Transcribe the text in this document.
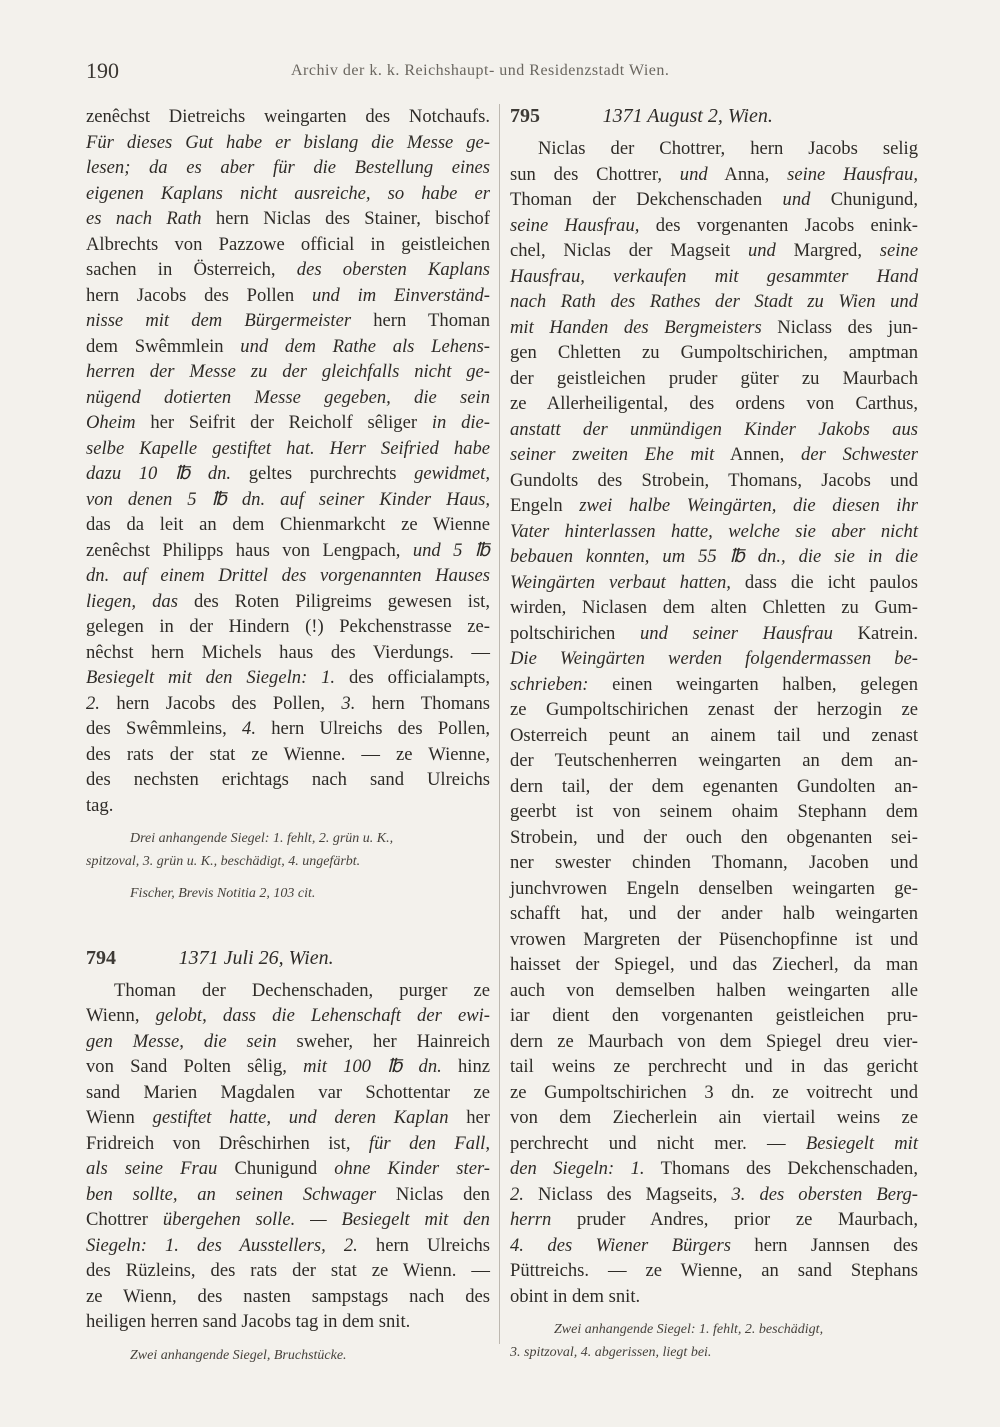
190	Archiv der k. k. Reichshaupt- und Residenzstadt Wien.
zenêchst Dietreichs weingarten des Notchaufs.
Für dieses Gut habe er bislang die Messe ge-
lesen; da es aber für die Bestellung eines
eigenen Kaplans nicht ausreiche, so habe er
es nach Rath hern Niclas des Stainer, bischof
Albrechts von Pazzowe official in geistleichen
sachen in Österreich, des obersten Kaplans
hern Jacobs des Pollen und im Einverständ-
nisse mit dem Bürgermeister hern Thoman
dem Swêmmlein und dem Rathe als Lehens-
herren der Messe zu der gleichfalls nicht ge-
nügend dotierten Messe gegeben, die sein
Oheim her Seifrit der Reicholf sêliger in die-
selbe Kapelle gestiftet hat. Herr Seifried habe
dazu 10 ℔ dn. geltes purchrechts gewidmet,
von denen 5 ℔ dn. auf seiner Kinder Haus,
das da leit an dem Chienmarkcht ze Wienne
zenêchst Philipps haus von Lengpach, und 5 ℔
dn. auf einem Drittel des vorgenannten Hauses
liegen, das des Roten Piligreims gewesen ist,
gelegen in der Hindern (!) Pekchenstrasse ze-
nêchst hern Michels haus des Vierdungs. —
Besiegelt mit den Siegeln: 1. des officialampts,
2. hern Jacobs des Pollen, 3. hern Thomans
des Swêmmleins, 4. hern Ulreichs des Pollen,
des rats der stat ze Wienne. — ze Wienne,
des nechsten erichtags nach sand Ulreichs
tag.
Drei anhangende Siegel: 1. fehlt, 2. grün u. K.,
spitzoval, 3. grün u. K., beschädigt, 4. ungefärbt.
Fischer, Brevis Notitia 2, 103 cit.
794	1371 Juli 26, Wien.
Thoman der Dechenschaden, purger ze
Wienn, gelobt, dass die Lehenschaft der ewi-
gen Messe, die sein sweher, her Hainreich
von Sand Polten sêlig, mit 100 ℔ dn. hinz
sand Marien Magdalen var Schottentar ze
Wienn gestiftet hatte, und deren Kaplan her
Fridreich von Drêschirhen ist, für den Fall,
als seine Frau Chunigund ohne Kinder ster-
ben sollte, an seinen Schwager Niclas den
Chottrer übergehen solle. — Besiegelt mit den
Siegeln: 1. des Ausstellers, 2. hern Ulreichs
des Rüzleins, des rats der stat ze Wienn. —
ze Wienn, des nasten sampstags nach des
heiligen herren sand Jacobs tag in dem snit.
Zwei anhangende Siegel, Bruchstücke.
795	1371 August 2, Wien.
Niclas der Chottrer, hern Jacobs selig
sun des Chottrer, und Anna, seine Hausfrau,
Thoman der Dekchenschaden und Chunigund,
seine Hausfrau, des vorgenanten Jacobs enink-
chel, Niclas der Magseit und Margred, seine
Hausfrau, verkaufen mit gesammter Hand
nach Rath des Rathes der Stadt zu Wien und
mit Handen des Bergmeisters Niclass des jun-
gen Chletten zu Gumpoltschirichen, amptman
der geistleichen pruder güter zu Maurbach
ze Allerheiligental, des ordens von Carthus,
anstatt der unmündigen Kinder Jakobs aus
seiner zweiten Ehe mit Annen, der Schwester
Gundolts des Strobein, Thomans, Jacobs und
Engeln zwei halbe Weingärten, die diesen ihr
Vater hinterlassen hatte, welche sie aber nicht
bebauen konnten, um 55 ℔ dn., die sie in die
Weingärten verbaut hatten, dass die icht paulos
wirden, Niclasen dem alten Chletten zu Gum-
poltschirichen und seiner Hausfrau Katrein.
Die Weingärten werden folgendermassen be-
schrieben: einen weingarten halben, gelegen
ze Gumpoltschirichen zenast der herzogin ze
Osterreich peunt an ainem tail und zenast
der Teutschenherren weingarten an dem an-
dern tail, der dem egenanten Gundolten an-
geerbt ist von seinem ohaim Stephann dem
Strobein, und der ouch den obgenanten sei-
ner swester chinden Thomann, Jacoben und
junchvrowen Engeln denselben weingarten ge-
schafft hat, und der ander halb weingarten
vrowen Margreten der Püsenchopfinne ist und
haisset der Spiegel, und das Ziecherl, da man
auch von demselben halben weingarten alle
iar dient den vorgenanten geistleichen pru-
dern ze Maurbach von dem Spiegel dreu vier-
tail weins ze perchrecht und in das gericht
ze Gumpoltschirichen 3 dn. ze voitrecht und
von dem Ziecherlein ain viertail weins ze
perchrecht und nicht mer. — Besiegelt mit
den Siegeln: 1. Thomans des Dekchenschaden,
2. Niclass des Magseits, 3. des obersten Berg-
herrn pruder Andres, prior ze Maurbach,
4. des Wiener Bürgers hern Jannsen des
Püttreichs. — ze Wienne, an sand Stephans
obint in dem snit.
Zwei anhangende Siegel: 1. fehlt, 2. beschädigt,
3. spitzoval, 4. abgerissen, liegt bei.
